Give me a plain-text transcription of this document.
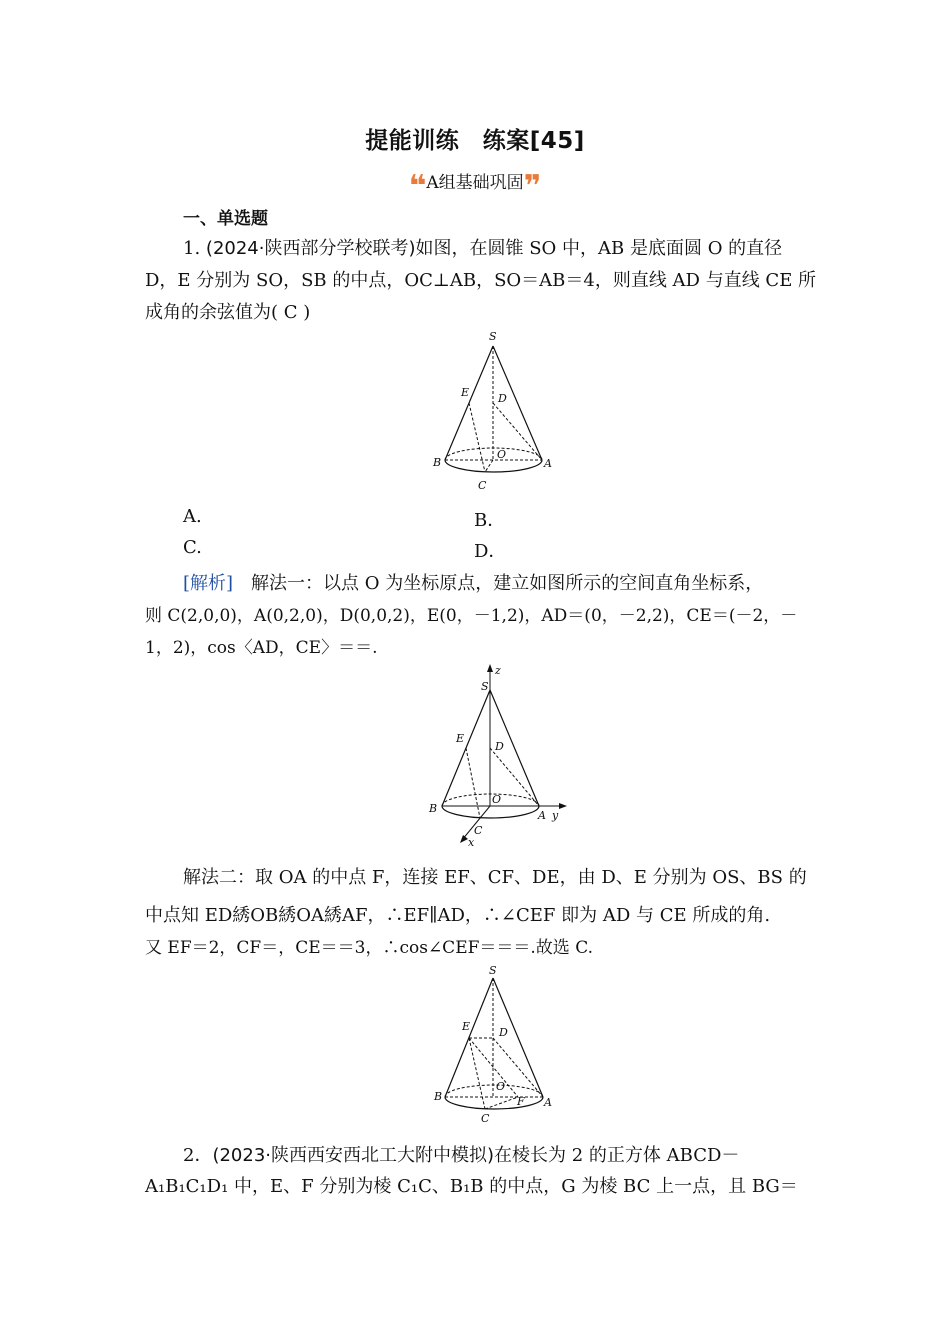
提能训练　练案[45]
❝A组基础巩固❞
一、单选题
1. (2024·陕西部分学校联考)如图，在圆锥 SO 中，AB 是底面圆 O 的直径
D，E 分别为 SO，SB 的中点，OC⊥AB，SO＝AB＝4，则直线 AD 与直线 CE 所
成角的余弦值为( C )
S
E	D
O
B	A
C
A.	B．
C.	D．
[解析]　 解法一：以点 O 为坐标原点，建立如图所示的空间直角坐标系，
则 C(2,0,0)，A(0,2,0)，D(0,0,2)，E(0，－1,2)，AD＝(0，－2,2)，CE＝(－2，－
1，2)，cos〈AD，CE〉＝＝.
z
S
E
D
O
B
A y
C
x
解法二：取 OA 的中点 F，连接 EF、CF、DE，由 D、E 分别为 OS、BS 的
中点知 ED綉OB綉OA綉AF，∴EF∥AD，∴∠CEF 即为 AD 与 CE 所成的角.
又 EF＝2，CF＝，CE＝＝3，∴cos∠CEF＝＝＝.故选 C.
S
E	D
O
B	A
C
F
2．(2023·陕西西安西北工大附中模拟)在棱长为 2 的正方体 ABCD－
A₁B₁C₁D₁ 中，E、F 分别为棱 C₁C、B₁B 的中点，G 为棱 BC 上一点，且 BG＝
